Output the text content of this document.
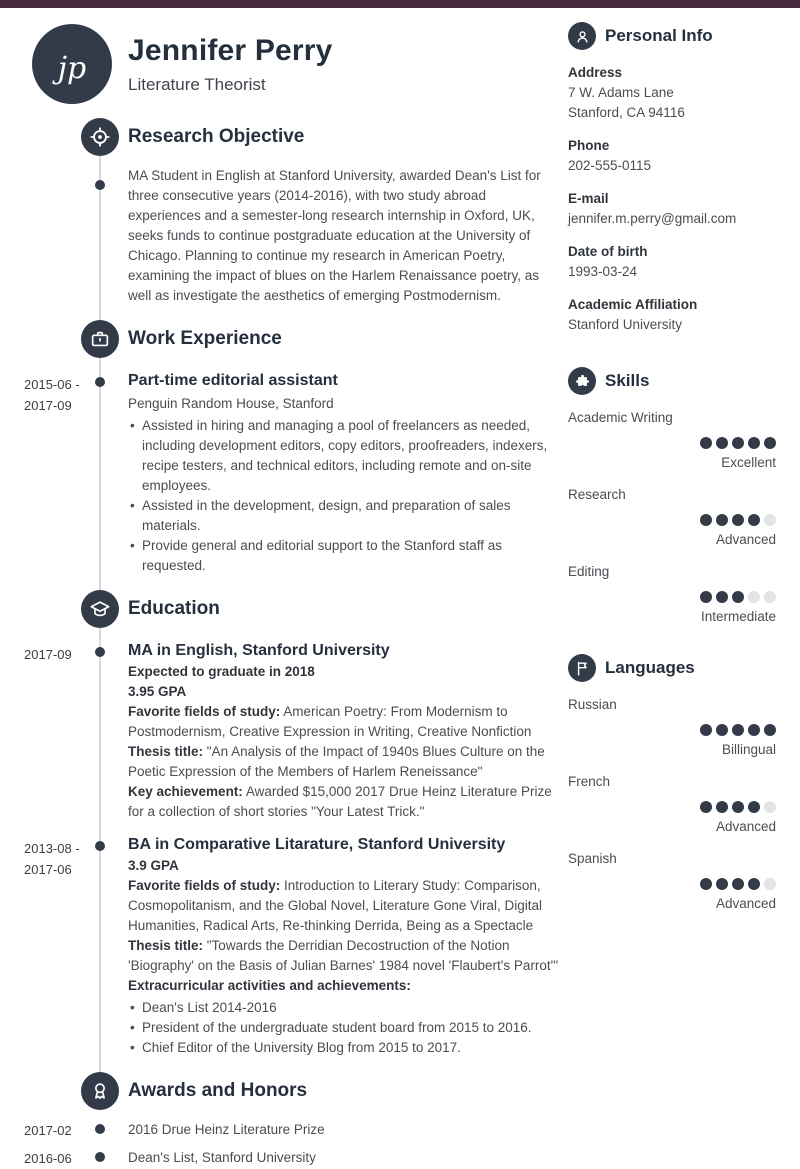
jp
Jennifer Perry
Literature Theorist
Research Objective

MA Student in English at Stanford University, awarded Dean's List for three consecutive years (2014-2016), with two study abroad experiences and a semester-long research internship in Oxford, UK, seeks funds to continue postgraduate education at the University of Chicago. Planning to continue my research in American Poetry, examining the impact of blues on the Harlem Renaissance poetry, as well as investigate the aesthetics of emerging Postmodernism.

Work Experience
2015-06 -
2017-09
Part-time editorial assistant
Penguin Random House, Stanford
• Assisted in hiring and managing a pool of freelancers as needed, including development editors, copy editors, proofreaders, indexers, recipe testers, and technical editors, including remote and on-site employees.
• Assisted in the development, design, and preparation of sales materials.
• Provide general and editorial support to the Stanford staff as requested.
Education
2017-09	MA in English, Stanford University
Expected to graduate in 2018
3.95 GPA
Favorite fields of study: American Poetry: From Modernism to Postmodernism, Creative Expression in Writing, Creative Nonfiction
Thesis title: "An Analysis of the Impact of 1940s Blues Culture on the Poetic Expression of the Members of Harlem Reneissance"
Key achievement: Awarded $15,000 2017 Drue Heinz Literature Prize for a collection of short stories "Your Latest Trick."
2013-08 -
2017-06
BA in Comparative Litarature, Stanford University
3.9 GPA
Favorite fields of study: Introduction to Literary Study: Comparison, Cosmopolitanism, and the Global Novel, Literature Gone Viral, Digital Humanities, Radical Arts, Re-thinking Derrida, Being as a Spectacle
Thesis title: "Towards the Derridian Decostruction of the Notion 'Biography' on the Basis of Julian Barnes' 1984 novel 'Flaubert's Parrot'"
Extracurricular activities and achievements:
• Dean's List 2014-2016
• President of the undergraduate student board from 2015 to 2016.
• Chief Editor of the University Blog from 2015 to 2017.
Awards and Honors
2017-02	2016 Drue Heinz Literature Prize
2016-06	Dean's List, Stanford University
Personal Info
Address
7 W. Adams Lane
Stanford, CA 94116
Phone
202-555-0115
E-mail
jennifer.m.perry@gmail.com
Date of birth
1993-03-24
Academic Affiliation
Stanford University
Skills
Academic Writing
Excellent
Research
Advanced
Editing
Intermediate
Languages
Russian
Billingual
French
Advanced
Spanish
Advanced
